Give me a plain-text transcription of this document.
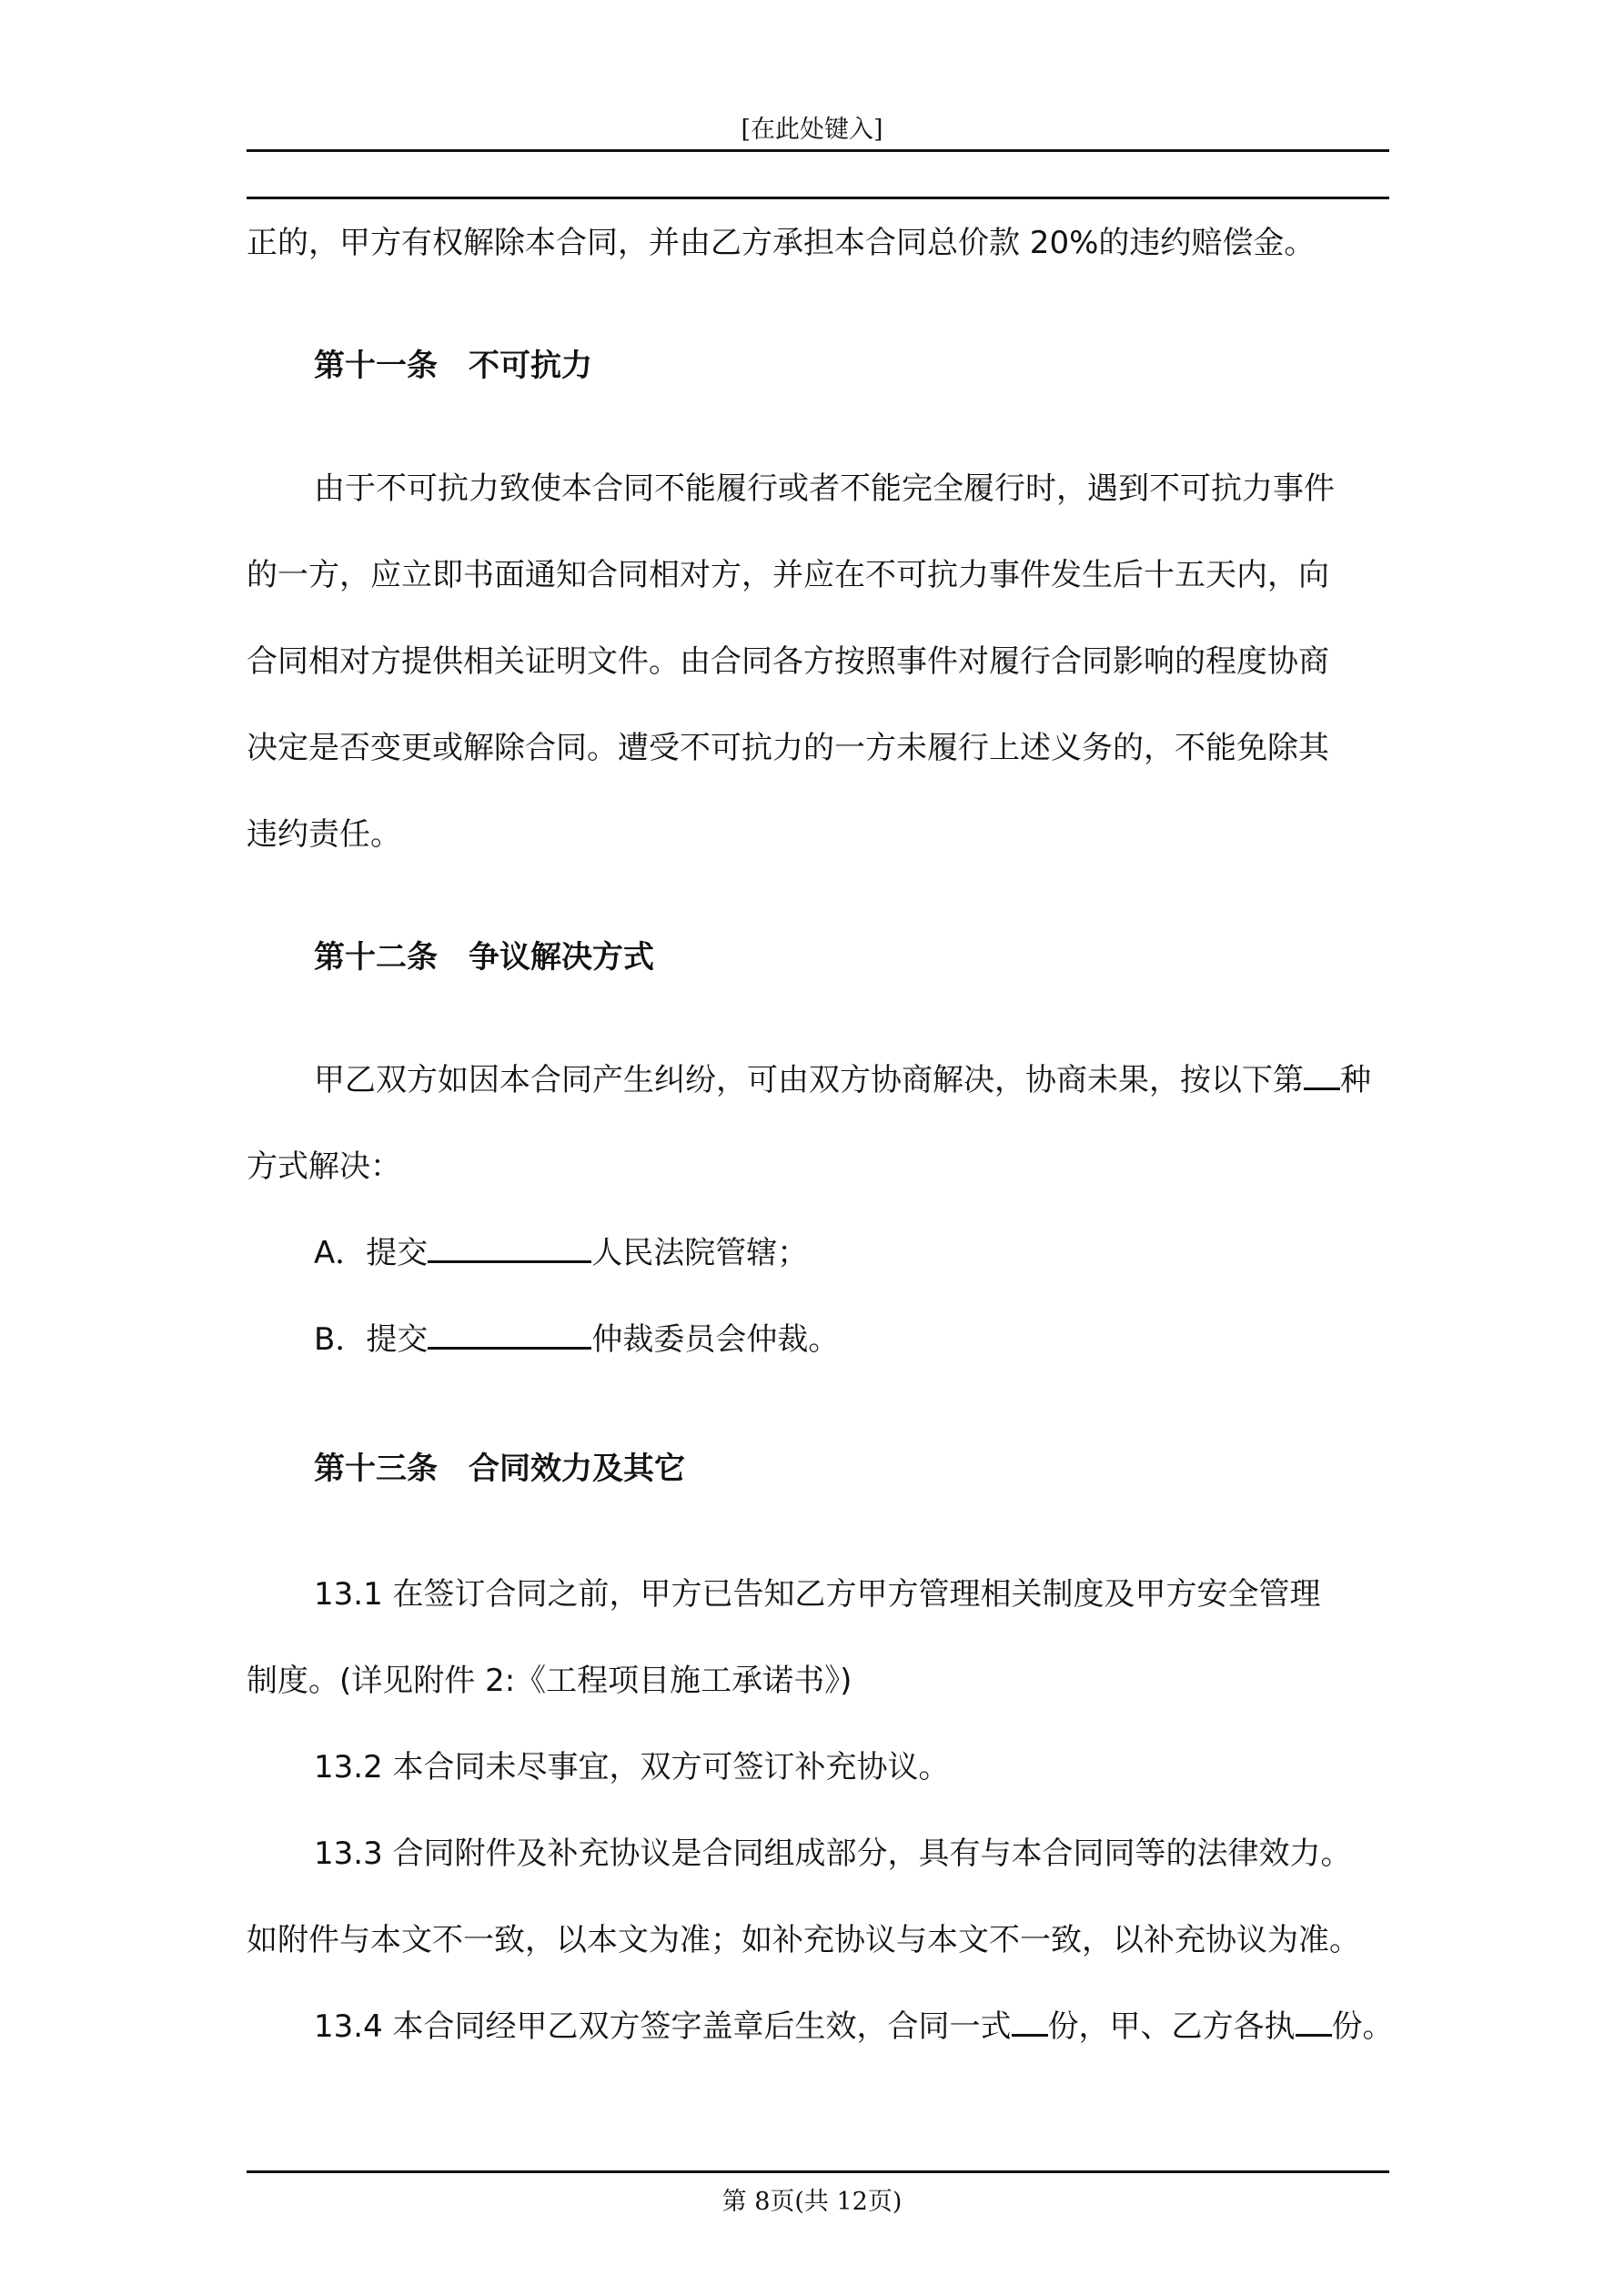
[在此处键入]
正的，甲方有权解除本合同，并由乙方承担本合同总价款 20%的违约赔偿金。
第十一条　不可抗力
由于不可抗力致使本合同不能履行或者不能完全履行时，遇到不可抗力事件
的一方，应立即书面通知合同相对方，并应在不可抗力事件发生后十五天内，向
合同相对方提供相关证明文件。由合同各方按照事件对履行合同影响的程度协商
决定是否变更或解除合同。遭受不可抗力的一方未履行上述义务的，不能免除其
违约责任。
第十二条　争议解决方式
甲乙双方如因本合同产生纠纷，可由双方协商解决，协商未果，按以下第 种
方式解决：
A．提交	人民法院管辖；
B．提交	仲裁委员会仲裁。
第十三条　合同效力及其它
13.1 在签订合同之前，甲方已告知乙方甲方管理相关制度及甲方安全管理
制度。(详见附件 2:《工程项目施工承诺书》)
13.2 本合同未尽事宜，双方可签订补充协议。
13.3 合同附件及补充协议是合同组成部分，具有与本合同同等的法律效力。
如附件与本文不一致，以本文为准；如补充协议与本文不一致，以补充协议为准。
13.4 本合同经甲乙双方签字盖章后生效，合同一式 份，甲、乙方各执 份。
第 8页(共 12页)
